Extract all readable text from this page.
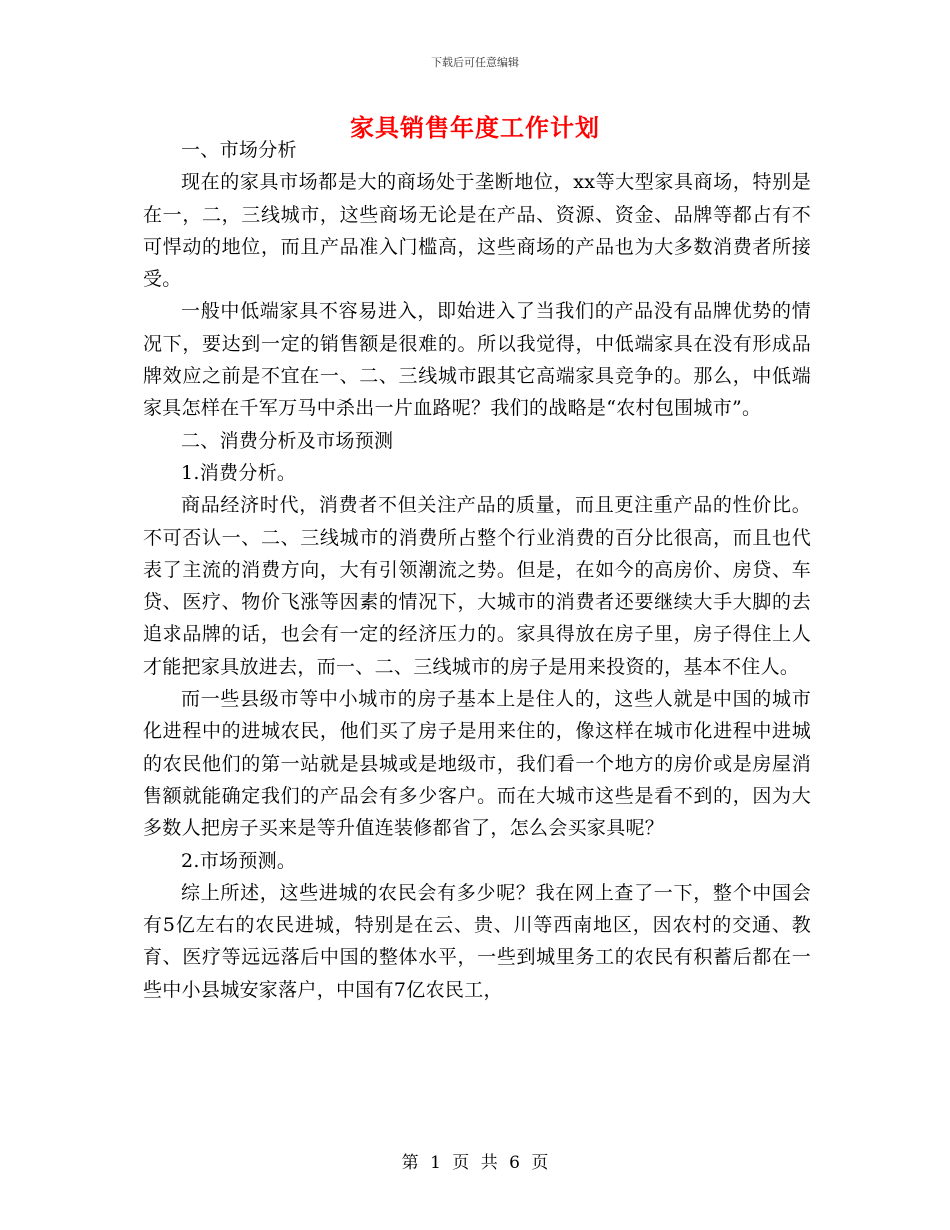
下载后可任意编辑
家具销售年度工作计划

一、市场分析

现在的家具市场都是大的商场处于垄断地位，xx等大型家具商场，特别是在一，二，三线城市，这些商场无论是在产品、资源、资金、品牌等都占有不可悍动的地位，而且产品准入门槛高，这些商场的产品也为大多数消费者所接受。

一般中低端家具不容易进入，即始进入了当我们的产品没有品牌优势的情况下，要达到一定的销售额是很难的。所以我觉得，中低端家具在没有形成品牌效应之前是不宜在一、二、三线城市跟其它高端家具竞争的。那么，中低端家具怎样在千军万马中杀出一片血路呢？我们的战略是“农村包围城市”。

二、消费分析及市场预测

1.消费分析。

商品经济时代，消费者不但关注产品的质量，而且更注重产品的性价比。不可否认一、二、三线城市的消费所占整个行业消费的百分比很高，而且也代表了主流的消费方向，大有引领潮流之势。但是，在如今的高房价、房贷、车贷、医疗、物价飞涨等因素的情况下，大城市的消费者还要继续大手大脚的去追求品牌的话，也会有一定的经济压力的。家具得放在房子里，房子得住上人才能把家具放进去，而一、二、三线城市的房子是用来投资的，基本不住人。

而一些县级市等中小城市的房子基本上是住人的，这些人就是中国的城市化进程中的进城农民，他们买了房子是用来住的，像这样在城市化进程中进城的农民他们的第一站就是县城或是地级市，我们看一个地方的房价或是房屋消售额就能确定我们的产品会有多少客户。而在大城市这些是看不到的，因为大多数人把房子买来是等升值连装修都省了，怎么会买家具呢？

2.市场预测。

综上所述，这些进城的农民会有多少呢？我在网上查了一下，整个中国会有5亿左右的农民进城，特别是在云、贵、川等西南地区，因农村的交通、教育、医疗等远远落后中国的整体水平，一些到城里务工的农民有积蓄后都在一些中小县城安家落户，中国有7亿农民工，

第 1 页 共 6 页
